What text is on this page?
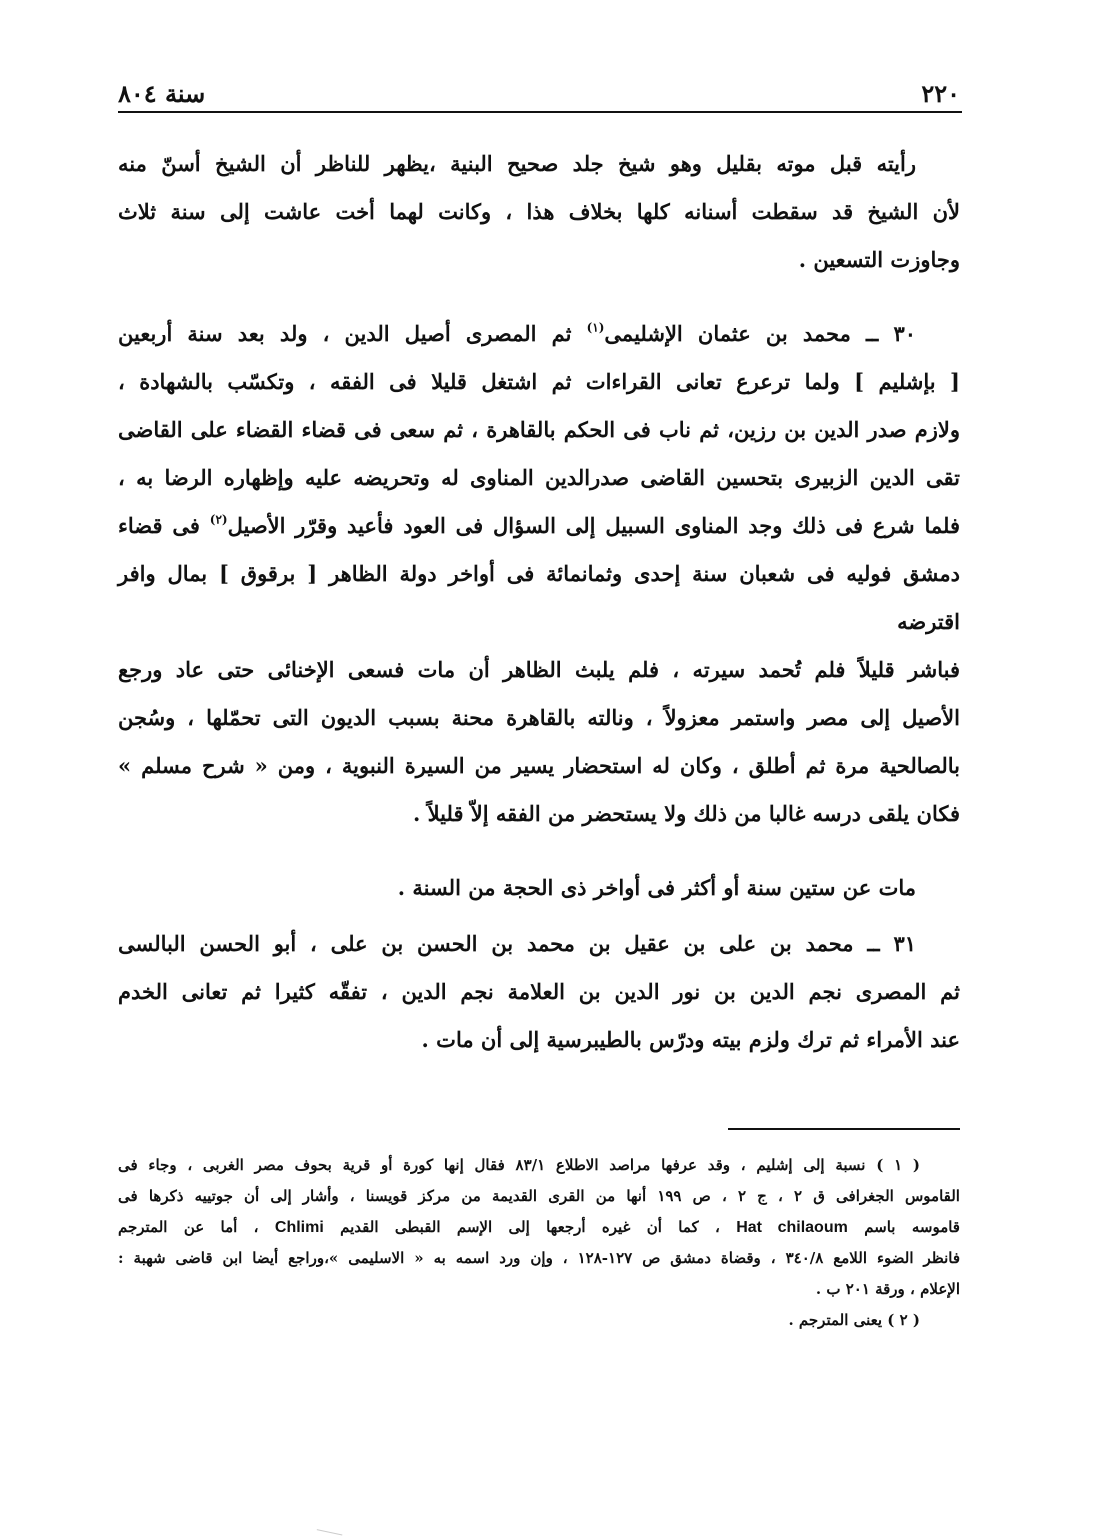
٢٢٠
سنة ٨٠٤
رأيته قبل موته بقليل وهو شيخ جلد صحيح البنية ،يظهر للناظر أن الشيخ أسنّ منه
لأن الشيخ قد سقطت أسنانه كلها بخلاف هذا ، وكانت لهما أخت عاشت إلى سنة ثلاث
وجاوزت التسعين .
٣٠ ــ محمد بن عثمان الإشليمى$^{(١)}$ ثم المصرى أصيل الدين ، ولد بعد سنة أربعين
[ بإشليم ] ولما ترعرع تعانى القراءات ثم اشتغل قليلا فى الفقه ، وتكسّب بالشهادة ،
ولازم صدر الدين بن رزين، ثم ناب فى الحكم بالقاهرة ، ثم سعى فى قضاء القضاء على القاضى
تقى الدين الزبيرى بتحسين القاضى صدرالدين المناوى له وتحريضه عليه وإظهاره الرضا به ،
فلما شرع فى ذلك وجد المناوى السبيل إلى السؤال فى العود فأعيد وقرّر الأصيل$^{(٢)}$ فى قضاء
دمشق فوليه فى شعبان سنة إحدى وثمانمائة فى أواخر دولة الظاهر [ برقوق ] بمال وافر اقترضه
فباشر قليلاً فلم تُحمد سيرته ، فلم يلبث الظاهر أن مات فسعى الإخنائى حتى عاد ورجع
الأصيل إلى مصر واستمر معزولاً ، ونالته بالقاهرة محنة بسبب الديون التى تحمّلها ، وسُجن
بالصالحية مرة ثم أطلق ، وكان له استحضار يسير من السيرة النبوية ، ومن « شرح مسلم »
فكان يلقى درسه غالبا من ذلك ولا يستحضر من الفقه إلاّ قليلاً .
مات عن ستين سنة أو أكثر فى أواخر ذى الحجة من السنة .
٣١ ــ محمد بن على بن عقيل بن محمد بن الحسن بن على ، أبو الحسن البالسى
ثم المصرى نجم الدين بن نور الدين بن العلامة نجم الدين ، تفقّه كثيرا ثم تعانى الخدم
عند الأمراء ثم ترك ولزم بيته ودرّس بالطيبرسية إلى أن مات .
( ١ ) نسبة إلى إشليم ، وقد عرفها مراصد الاطلاع ٨٣/١ فقال إنها كورة أو قرية بحوف مصر الغربى ، وجاء فى
القاموس الجغرافى ق ٢ ، ج ٢ ، ص ١٩٩ أنها من القرى القديمة من مركز قويسنا ، وأشار إلى أن جوتييه ذكرها فى
قاموسه باسم Hat chilaoum ، كما أن غيره أرجعها إلى الإسم القبطى القديم Chlimi ، أما عن المترجم
فانظر الضوء اللامع ٣٤٠/٨ ، وقضاة دمشق ص ١٢٧-١٢٨ ، وإن ورد اسمه به « الاسليمى »،وراجع أيضا ابن قاضى شهبة :
الإعلام ، ورقة ٢٠١ ب .
( ٢ ) يعنى المترجم .
